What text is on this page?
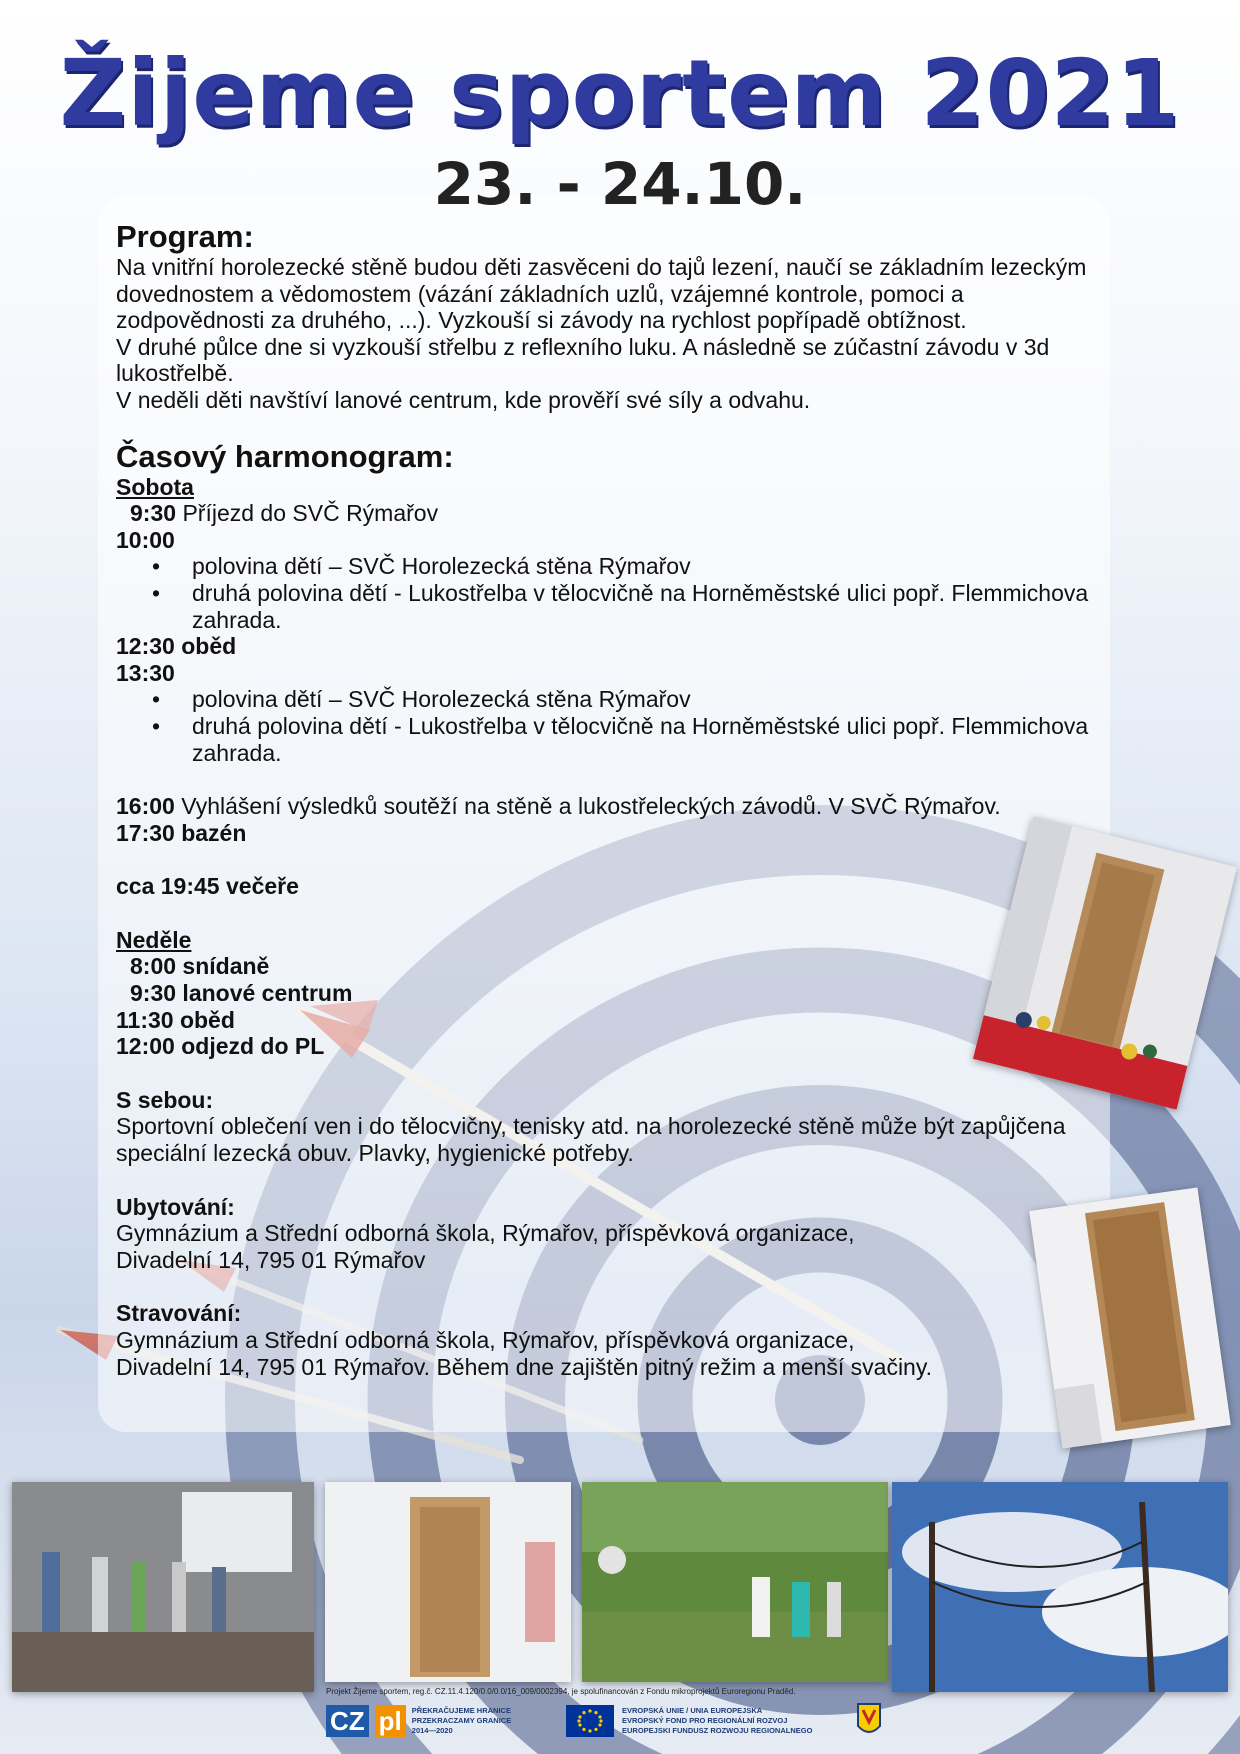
Žijeme sportem 2021
23. - 24.10.

Program:

Na vnitřní horolezecké stěně budou děti zasvěceni do tajů lezení, naučí se základním lezeckým dovednostem a vědomostem (vázání základních uzlů, vzájemné kontrole, pomoci a zodpovědnosti za druhého, ...). Vyzkouší si závody na rychlost popřípadě obtížnost.

V druhé půlce dne si vyzkouší střelbu z reflexního luku. A následně se zúčastní závodu v 3d lukostřelbě.

V neděli děti navštíví lanové centrum, kde prověří své síly a odvahu.

Časový harmonogram:

Sobota

9:30 Příjezd do SVČ Rýmařov

10:00

• polovina dětí – SVČ Horolezecká stěna Rýmařov
• druhá polovina dětí - Lukostřelba v tělocvičně na Horněměstské ulici popř. Flemmichova zahrada.

12:30 oběd

13:30

• polovina dětí – SVČ Horolezecká stěna Rýmařov
• druhá polovina dětí - Lukostřelba v tělocvičně na Horněměstské ulici popř. Flemmichova zahrada.

16:00 Vyhlášení výsledků soutěží na stěně a lukostřeleckých závodů. V SVČ Rýmařov.

17:30 bazén

cca 19:45 večeře

Neděle

8:00 snídaně

9:30 lanové centrum

11:30 oběd

12:00 odjezd do PL

S sebou:

Sportovní oblečení ven i do tělocvičny, tenisky atd. na horolezecké stěně může být zapůjčena speciální lezecká obuv. Plavky, hygienické potřeby.

Ubytování:

Gymnázium a Střední odborná škola, Rýmařov, příspěvková organizace,

Divadelní 14, 795 01 Rýmařov

Stravování:

Gymnázium a Střední odborná škola, Rýmařov, příspěvková organizace,

Divadelní 14, 795 01 Rýmařov. Během dne zajištěn pitný režim a menší svačiny.

Projekt Žijeme sportem, reg.č. CZ.11.4.120/0.0/0.0/16_009/0002394, je spolufinancován z Fondu mikroprojektů Euroregionu Praděd.
CZ pl	PŘEKRAČUJEME HRANICE
PRZEKRACZAMY GRANICE
2014—2020
EVROPSKÁ UNIE / UNIA EUROPEJSKA
EVROPSKÝ FOND PRO REGIONÁLNÍ ROZVOJ
EUROPEJSKI FUNDUSZ ROZWOJU REGIONALNEGO
